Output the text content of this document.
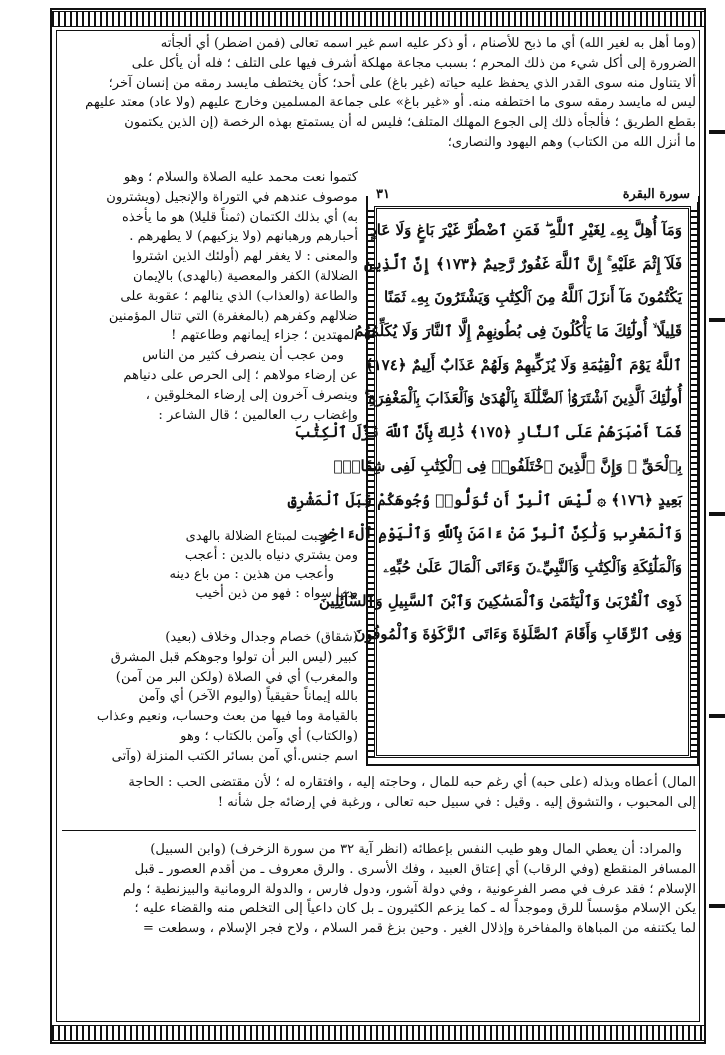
(وما أهل به لغير الله) أي ما ذبح للأصنام ، أو ذكر عليه اسم غير اسمه تعالى (فمن اضطر) أي ألجأته

الضرورة إلى أكل شيء من ذلك المحرم ؛ بسبب مجاعة مهلكة أشرف فيها على التلف ؛ فله أن يأكل على

ألا يتناول منه سوى القدر الذي يحفظ عليه حياته (غير باغ) على أحد؛ كأن يختطف مايسد رمقه من إنسان آخر؛

ليس له مايسد رمقه سوى ما اختطفه منه. أو «غير باغ» على جماعة المسلمين وخارج عليهم (ولا عاد) معتد عليهم

بقطع الطريق ؛ فألجأه ذلك إلى الجوع المهلك المتلف؛ فليس له أن يستمتع بهذه الرخصة (إن الذين يكتمون

ما أنزل الله من الكتاب) وهم اليهود والنصارى؛

سورة البقرة
٣١
وَمَآ أُهِلَّ بِهِۦ لِغَيْرِ ٱللَّهِ ۖ فَمَنِ ٱضْطُرَّ غَيْرَ بَاغٍ وَلَا عَادٍ
فَلَآ إِثْمَ عَلَيْهِ ۚ إِنَّ ٱللَّهَ غَفُورٌ رَّحِيمٌ ﴿١٧٣﴾ إِنَّ ٱلَّذِينَ
يَكْتُمُونَ مَآ أَنزَلَ ٱللَّهُ مِنَ ٱلْكِتَٰبِ وَيَشْتَرُونَ بِهِۦ ثَمَنًا
قَلِيلًا ۙ أُولَٰٓئِكَ مَا يَأْكُلُونَ فِى بُطُونِهِمْ إِلَّا ٱلنَّارَ وَلَا يُكَلِّمُهُمُ
ٱللَّهُ يَوْمَ ٱلْقِيَٰمَةِ وَلَا يُزَكِّيهِمْ وَلَهُمْ عَذَابٌ أَلِيمٌ ﴿١٧٤﴾
أُولَٰٓئِكَ ٱلَّذِينَ ٱشْتَرَوُا۟ ٱلضَّلَٰلَةَ بِٱلْهُدَىٰ وَٱلْعَذَابَ بِٱلْمَغْفِرَةِ ۚ
فَمَآ أَصْبَرَهُمْ عَلَى ٱلنَّارِ ﴿١٧٥﴾ ذَٰلِكَ بِأَنَّ ٱللَّهَ نَزَّلَ ٱلْكِتَٰبَ
بِٱلْحَقِّ ۗ وَإِنَّ ٱلَّذِينَ ٱخْتَلَفُوا۟ فِى ٱلْكِتَٰبِ لَفِى شِقَاقٍۭ
بَعِيدٍ ﴿١٧٦﴾ ۞ لَّيْسَ ٱلْبِرَّ أَن تُوَلُّوا۟ وُجُوهَكُمْ قِبَلَ ٱلْمَشْرِقِ
وَٱلْمَغْرِبِ وَلَٰكِنَّ ٱلْبِرَّ مَنْ ءَامَنَ بِٱللَّهِ وَٱلْيَوْمِ ٱلْءَاخِرِ
وَٱلْمَلَٰٓئِكَةِ وَٱلْكِتَٰبِ وَٱلنَّبِيِّۦنَ وَءَاتَى ٱلْمَالَ عَلَىٰ حُبِّهِۦ
ذَوِى ٱلْقُرْبَىٰ وَٱلْيَتَٰمَىٰ وَٱلْمَسَٰكِينَ وَٱبْنَ ٱلسَّبِيلِ وَٱلسَّآئِلِينَ
وَفِى ٱلرِّقَابِ وَأَقَامَ ٱلصَّلَوٰةَ وَءَاتَى ٱلزَّكَوٰةَ وَٱلْمُوفُونَ

كتموا نعت محمد عليه الصلاة والسلام ؛ وهو

موصوف عندهم في التوراة والإنجيل (ويشترون

به) أي بذلك الكتمان (ثمناً قليلا) هو ما يأخذه

أحبارهم ورهبانهم (ولا يزكيهم) لا يطهرهم .

والمعنى : لا يغفر لهم (أولئك الذين اشتروا

الضلالة) الكفر والمعصية (بالهدى) بالإيمان

والطاعة (والعذاب) الذي ينالهم ؛ عقوبة على

ضلالهم وكفرهم (بالمغفرة) التي تنال المؤمنين

المهتدين ؛ جزاء إيمانهم وطاعتهم !

ومن عجب أن ينصرف كثير من الناس

عن إرضاء مولاهم ؛ إلى الحرص على دنياهم

وينصرف آخرون إلى إرضاء المخلوقين ،

وإغضاب رب العالمين ؛ قال الشاعر :

عجبت لمبتاع الضلالة بالهدى
ومن يشتري دنياه بالدين : أعجب
وأعجب من هذين : من باع دينه
بدنيا سواه : فهو من ذين أخيب

(شقاق) خصام وجدال وخلاف (بعيد)

كبير (ليس البر أن تولوا وجوهكم قبل المشرق

والمغرب) أي في الصلاة (ولكن البر من آمن)

بالله إيماناً حقيقياً (واليوم الآخر) أي وآمن

بالقيامة وما فيها من بعث وحساب، ونعيم وعذاب

(والكتاب) أي وآمن بالكتاب ؛ وهو

اسم جنس.أي آمن بسائر الكتب المنزلة (وآتى

المال) أعطاه وبذله (على حبه) أي رغم حبه للمال ، وحاجته إليه ، وافتقاره له ؛ لأن مقتضى الحب : الحاجة

إلى المحبوب ، والتشوق إليه . وقيل : في سبيل حبه تعالى ، ورغبة في إرضائه جل شأنه !

والمراد: أن يعطي المال وهو طيب النفس بإعطائه (انظر آية ٣٢ من سورة الزخرف) (وابن السبيل)

المسافر المنقطع (وفي الرقاب) أي إعتاق العبيد ، وفك الأسرى . والرق معروف ـ من أقدم العصور ـ قبل

الإسلام ؛ فقد عرف في مصر الفرعونية ، وفي دولة آشور، ودول فارس ، والدولة الرومانية والبيزنطية ؛ ولم

يكن الإسلام مؤسساً للرق وموجداً له ـ كما يزعم الكثيرون ـ بل كان داعياً إلى التخلص منه والقضاء عليه ؛

لما يكتنفه من المباهاة والمفاخرة وإذلال الغير . وحين بزغ قمر السلام ، ولاح فجر الإسلام ، وسطعت =
